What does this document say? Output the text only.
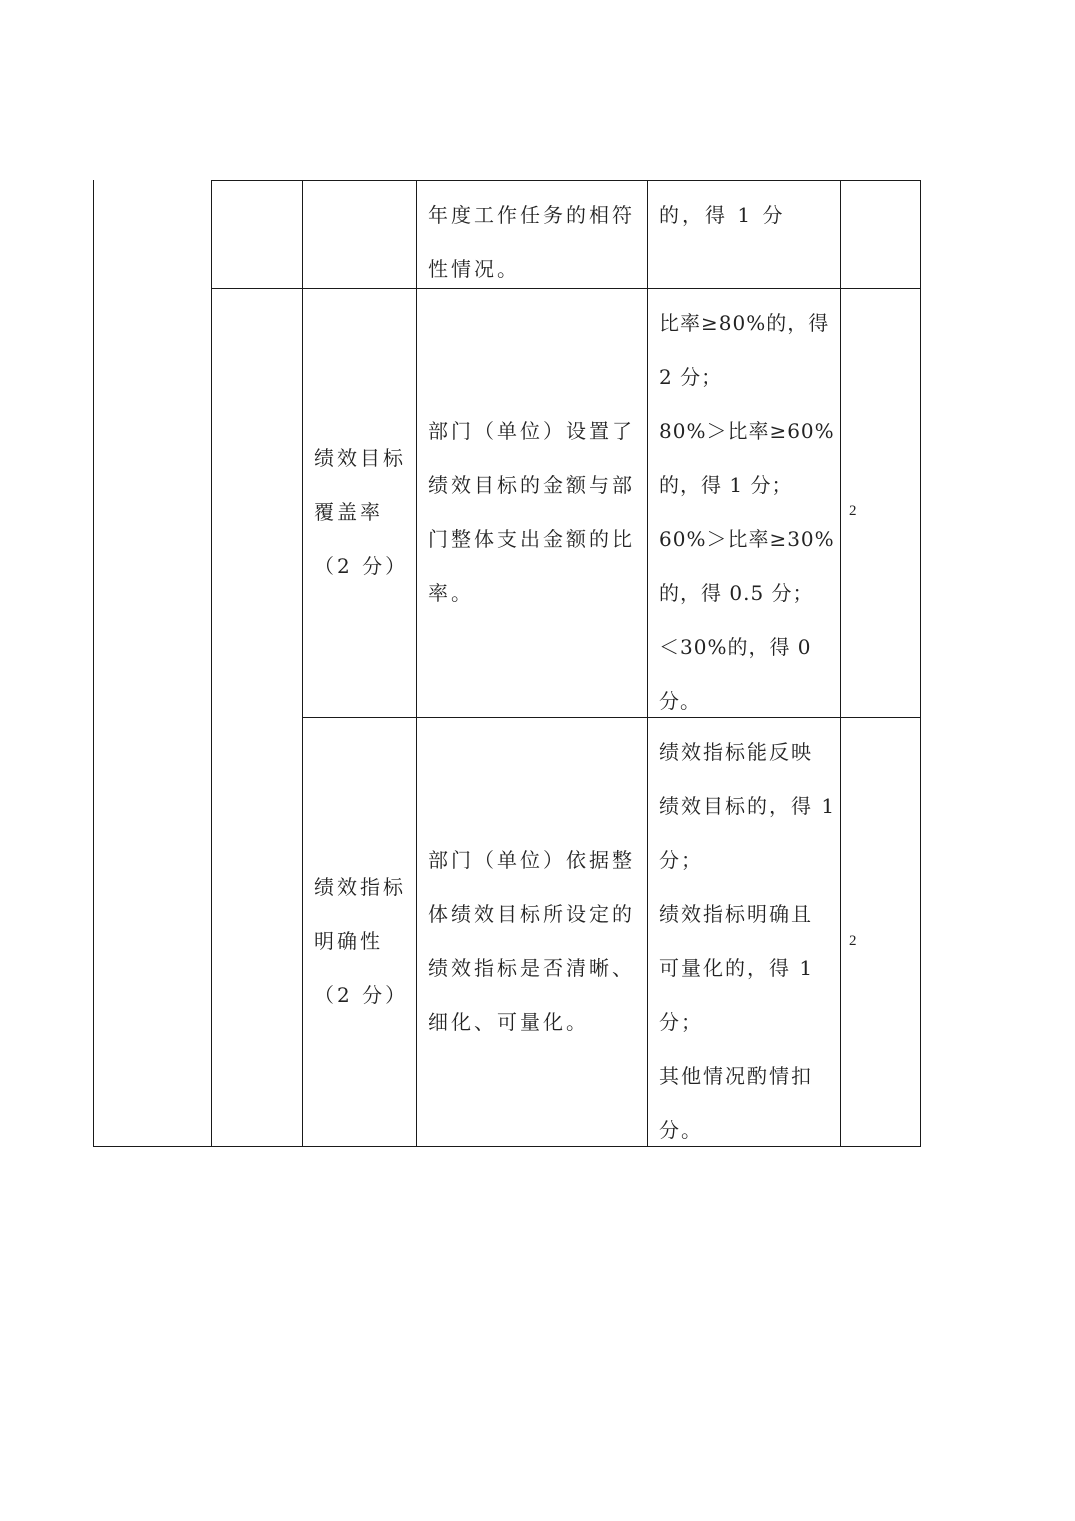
年度工作任务的相符
性情况。
的，得 1 分
绩效目标
覆盖率
（2 分）
部门（单位）设置了
绩效目标的金额与部
门整体支出金额的比
率。
比率≥80%的，得
2 分；
80%＞比率≥60%
的，得 1 分；
60%＞比率≥30%
的，得 0.5 分；
＜30%的，得 0
分。
2
绩效指标
明确性
（2 分）
部门（单位）依据整
体绩效目标所设定的
绩效指标是否清晰、
细化、可量化。
绩效指标能反映
绩效目标的，得 1
分；
绩效指标明确且
可量化的，得 1
分；
其他情况酌情扣
分。
2
